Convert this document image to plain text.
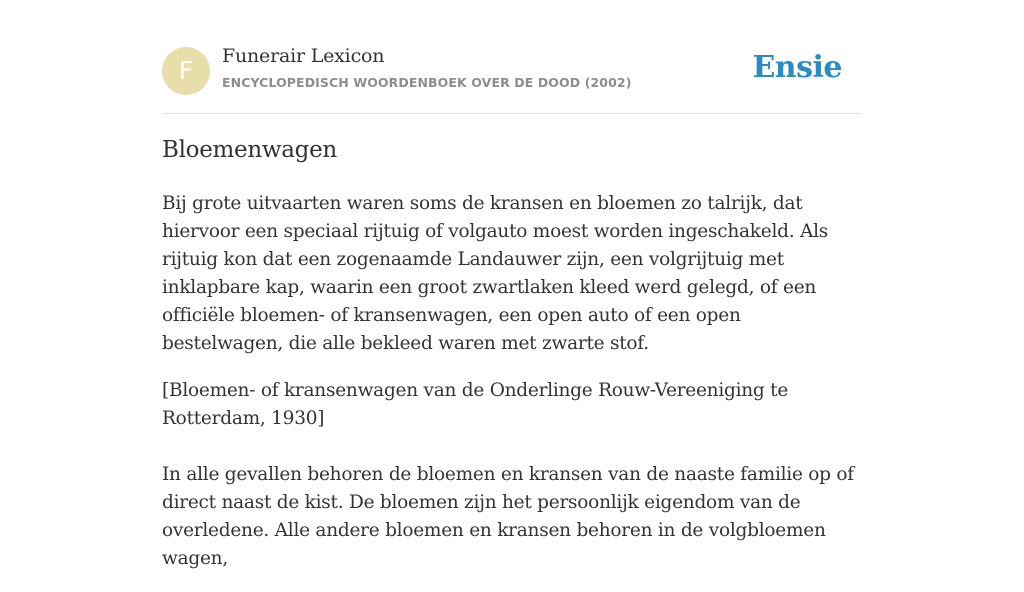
F	Funerair Lexicon
ENCYCLOPEDISCH WOORDENBOEK OVER DE DOOD (2002)	Ensie
Bloemenwagen

Bij grote uitvaarten waren soms de kransen en bloemen zo talrijk, dat hiervoor een speciaal rijtuig of volgauto moest worden ingeschakeld. Als rijtuig kon dat een zogenaamde Landauwer zijn, een volgrijtuig met inklapbare kap, waarin een groot zwartlaken kleed werd gelegd, of een officiële bloemen- of kransenwagen, een open auto of een open bestelwagen, die alle bekleed waren met zwarte stof.

[Bloemen- of kransenwagen van de Onderlinge Rouw-Vereeniging te Rotterdam, 1930]

In alle gevallen behoren de bloemen en kransen van de naaste familie op of direct naast de kist. De bloemen zijn het persoonlijk eigendom van de overledene. Alle andere bloemen en kransen behoren in de volgbloemen wagen,
